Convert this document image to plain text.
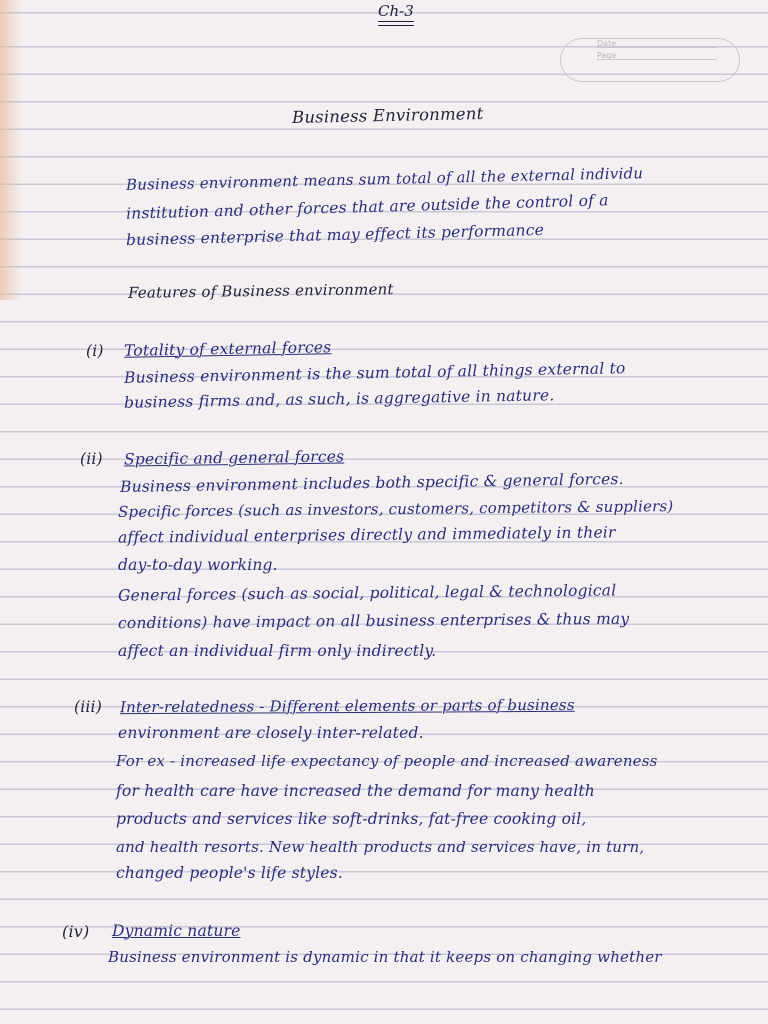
Ch-3
Date
Page
Business Environment
Business environment means sum total of all the external individu
institution and other forces that are outside the control of a
business enterprise that may effect its performance
Features of Business environment
(i) Totality of external forces
Business environment is the sum total of all things external to
business firms and, as such, is aggregative in nature.
(ii) Specific and general forces
Business environment includes both specific & general forces.
Specific forces (such as investors, customers, competitors & suppliers)
affect individual enterprises directly and immediately in their
day-to-day working.
General forces (such as social, political, legal & technological
conditions) have impact on all business enterprises & thus may
affect an individual firm only indirectly.
(iii) Inter-relatedness - Different elements or parts of business
environment are closely inter-related.
For ex - increased life expectancy of people and increased awareness
for health care have increased the demand for many health
products and services like soft-drinks, fat-free cooking oil,
and health resorts. New health products and services have, in turn,
changed people's life styles.
(iv) Dynamic nature
Business environment is dynamic in that it keeps on changing whether
